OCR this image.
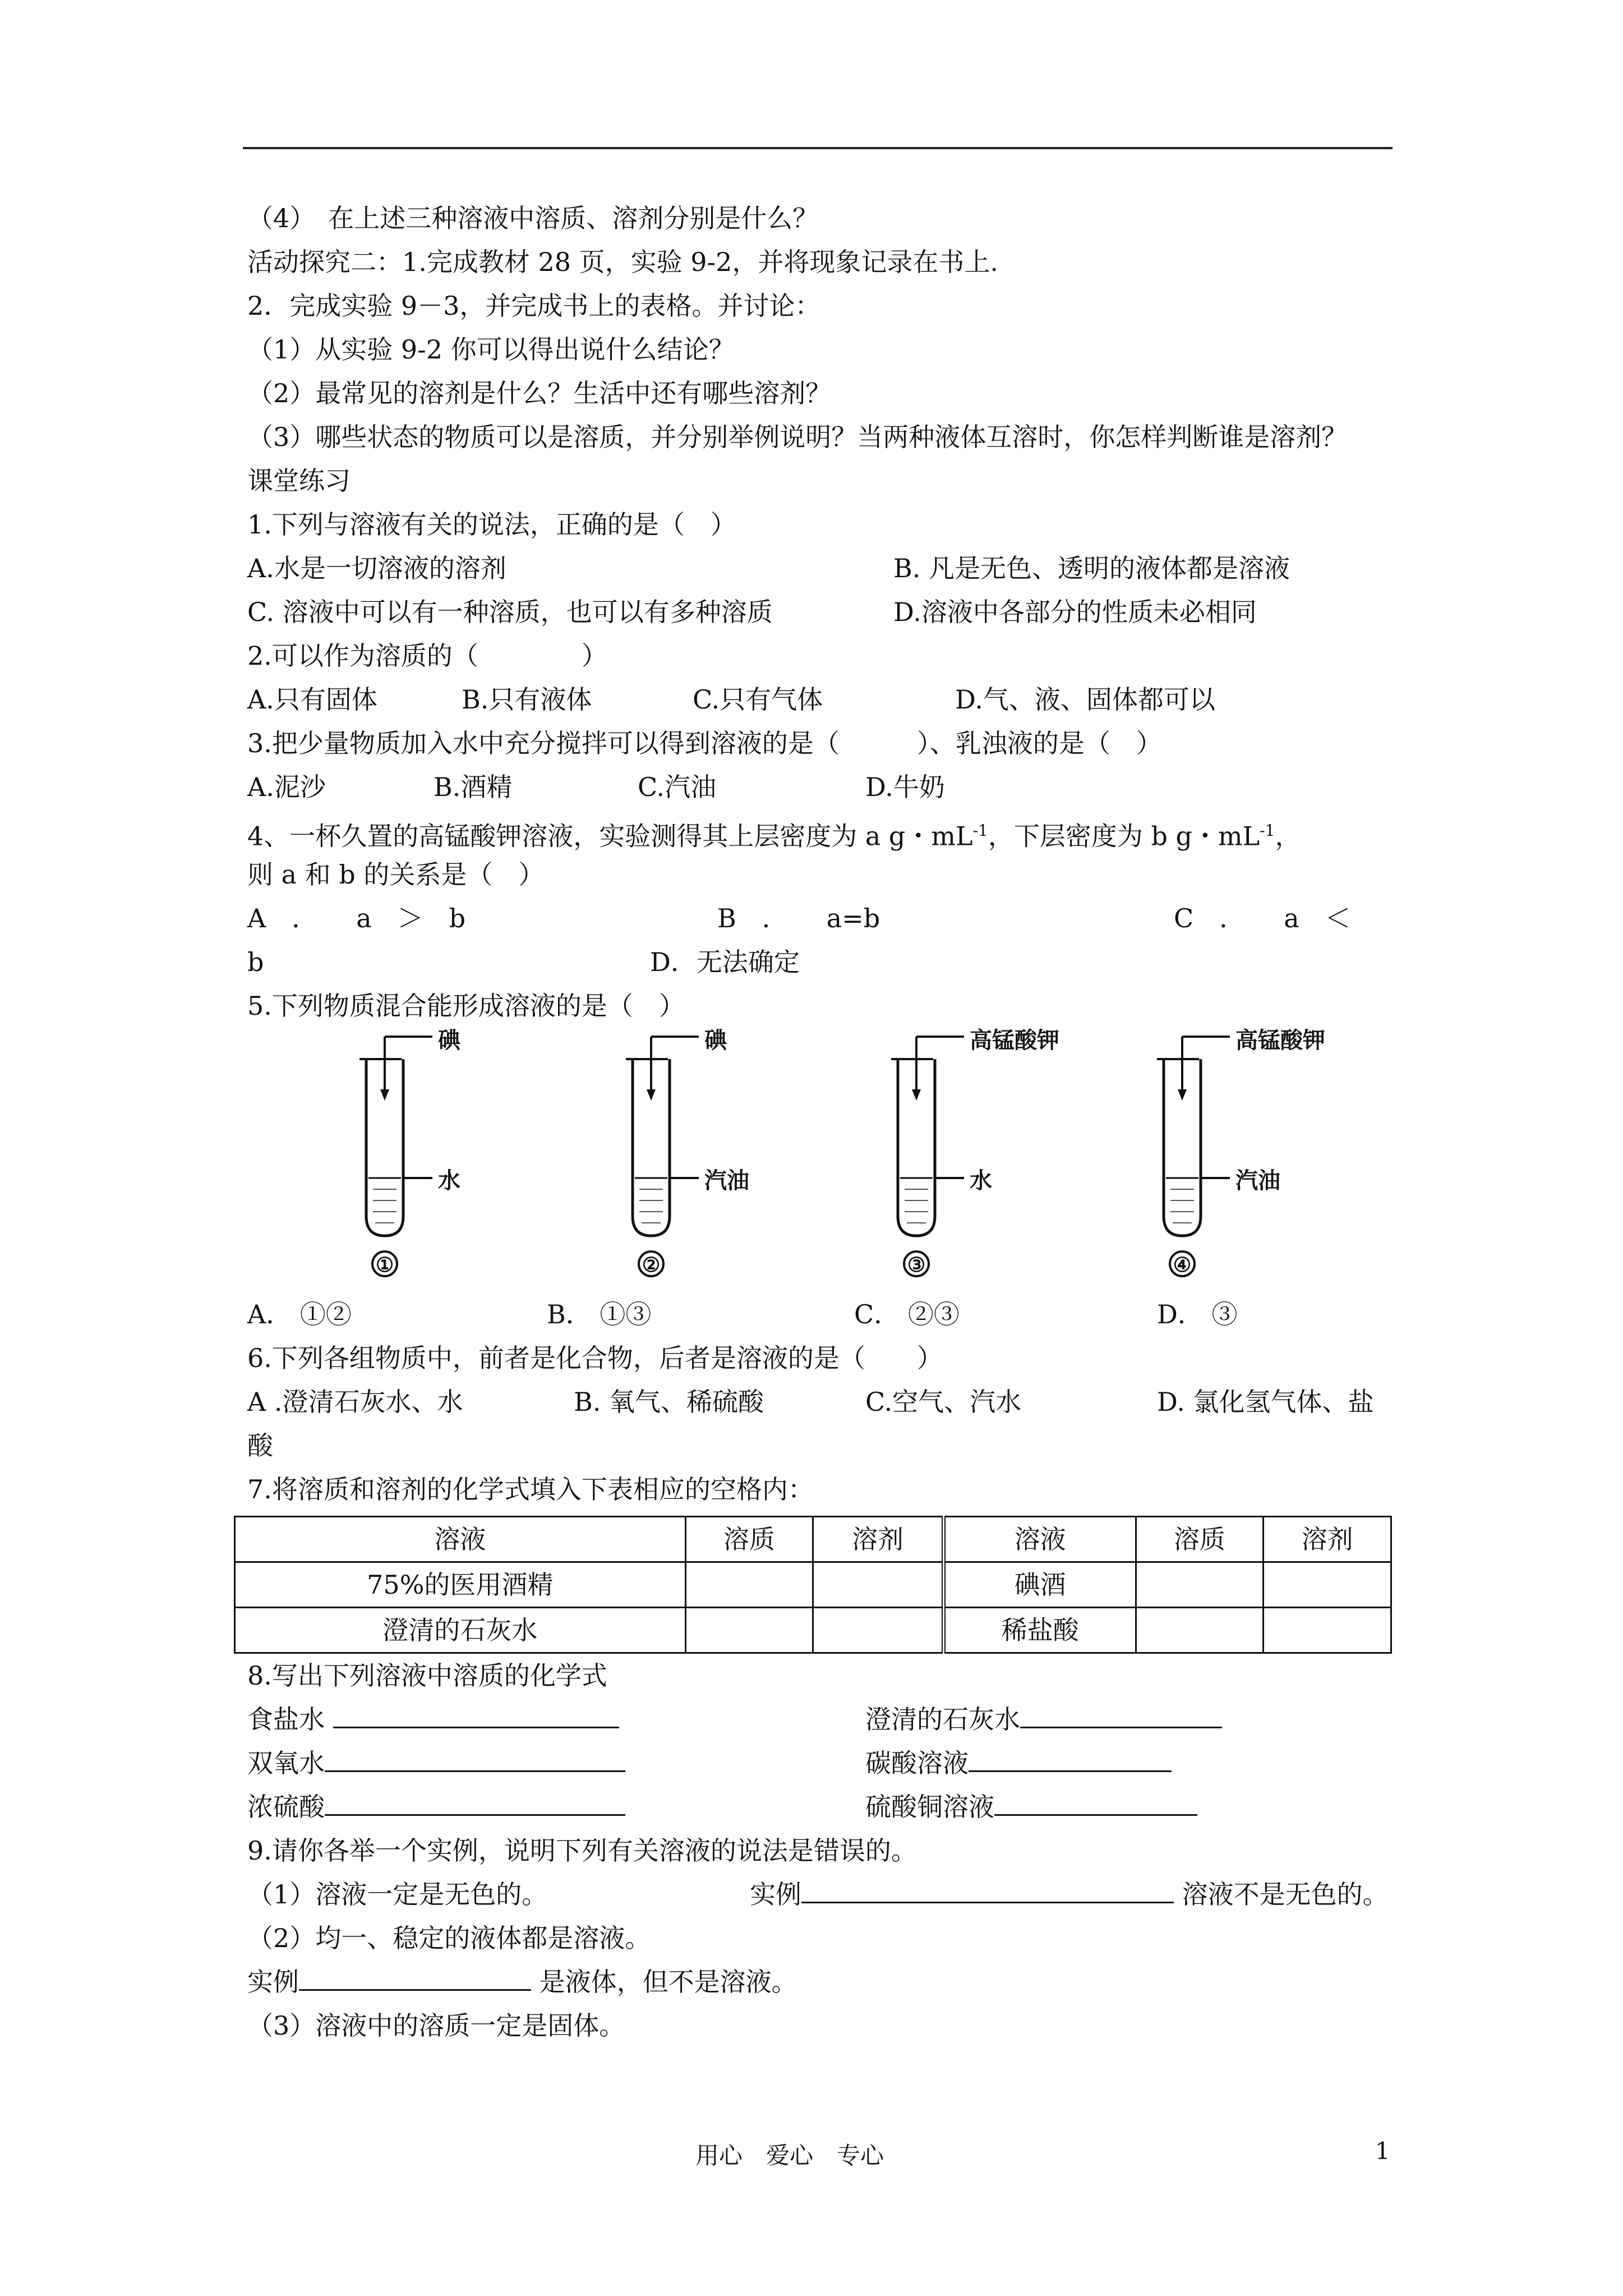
（4）　在上述三种溶液中溶质、溶剂分别是什么？
活动探究二：1.完成教材 28 页，实验 9-2，并将现象记录在书上.
2．完成实验 9－3，并完成书上的表格。并讨论：
（1）从实验 9-2 你可以得出说什么结论？
（2）最常见的溶剂是什么？生活中还有哪些溶剂？
（3）哪些状态的物质可以是溶质，并分别举例说明？当两种液体互溶时，你怎样判断谁是溶剂？
课堂练习
1.下列与溶液有关的说法，正确的是（　）
A.水是一切溶液的溶剂	B. 凡是无色、透明的液体都是溶液
C. 溶液中可以有一种溶质，也可以有多种溶质	D.溶液中各部分的性质未必相同
2.可以作为溶质的（　　　　）
A.只有固体	B.只有液体	C.只有气体	D.气、液、固体都可以
3.把少量物质加入水中充分搅拌可以得到溶液的是（　　　）、乳浊液的是（　）
A.泥沙	B.酒精	C.汽油	D.牛奶
4、一杯久置的高锰酸钾溶液，实验测得其上层密度为 a g・$mL^{-1}$，下层密度为 b g・$mL^{-1}$，
则 a 和 b 的关系是（　）
A　．　　a　＞　b	B　．　　a=b	C　．　　a　＜
b	D．无法确定
5.下列物质混合能形成溶液的是（　）
碘
水
①
碘
汽油
②
高锰酸钾
水
③
高锰酸钾
汽油
④
A． ①②	B． ①③	C． ②③	D． ③
6.下列各组物质中，前者是化合物，后者是溶液的是（　　）
A .澄清石灰水、水	B. 氧气、稀硫酸	C.空气、汽水	D. 氯化氢气体、盐
酸
7.将溶质和溶剂的化学式填入下表相应的空格内：
溶液	溶质	溶剂	溶液	溶质	溶剂
75%的医用酒精			碘酒		
澄清的石灰水			稀盐酸		
8.写出下列溶液中溶质的化学式
食盐水	澄清的石灰水
双氧水	碳酸溶液
浓硫酸	硫酸铜溶液
9.请你各举一个实例，说明下列有关溶液的说法是错误的。
（1）溶液一定是无色的。	实例	溶液不是无色的。
（2）均一、稳定的液体都是溶液。
实例	是液体，但不是溶液。
（3）溶液中的溶质一定是固体。
用心　爱心　专心	1
